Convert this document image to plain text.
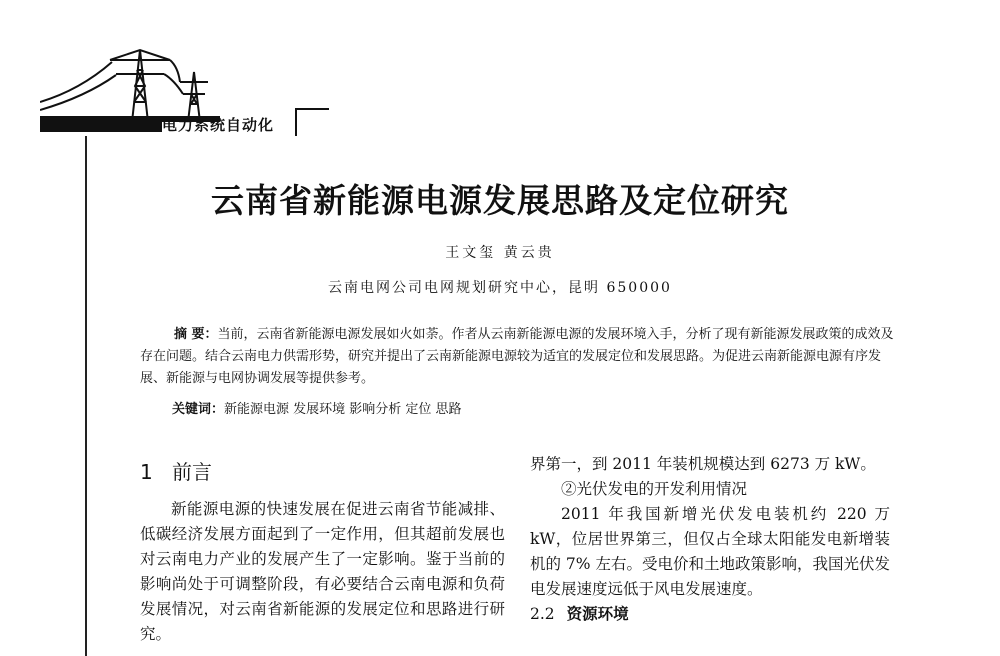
电力系统自动化
云南省新能源电源发展思路及定位研究
王文玺 黄云贵
云南电网公司电网规划研究中心，昆明 650000

摘 要：当前，云南省新能源电源发展如火如荼。作者从云南新能源电源的发展环境入手，分析了现有新能源发展政策的成效及存在问题。结合云南电力供需形势，研究并提出了云南新能源电源较为适宜的发展定位和发展思路。为促进云南新能源电源有序发展、新能源与电网协调发展等提供参考。

关键词：新能源电源 发展环境 影响分析 定位 思路
1 前言

新能源电源的快速发展在促进云南省节能减排、低碳经济发展方面起到了一定作用，但其超前发展也对云南电力产业的发展产生了一定影响。鉴于当前的影响尚处于可调整阶段，有必要结合云南电源和负荷发展情况，对云南省新能源的发展定位和思路进行研究。

界第一，到 2011 年装机规模达到 6273 万 kW。

②光伏发电的开发利用情况

2011 年我国新增光伏发电装机约 220 万 kW，位居世界第三，但仅占全球太阳能发电新增装机的 7% 左右。受电价和土地政策影响，我国光伏发电发展速度远低于风电发展速度。

2.2 资源环境
